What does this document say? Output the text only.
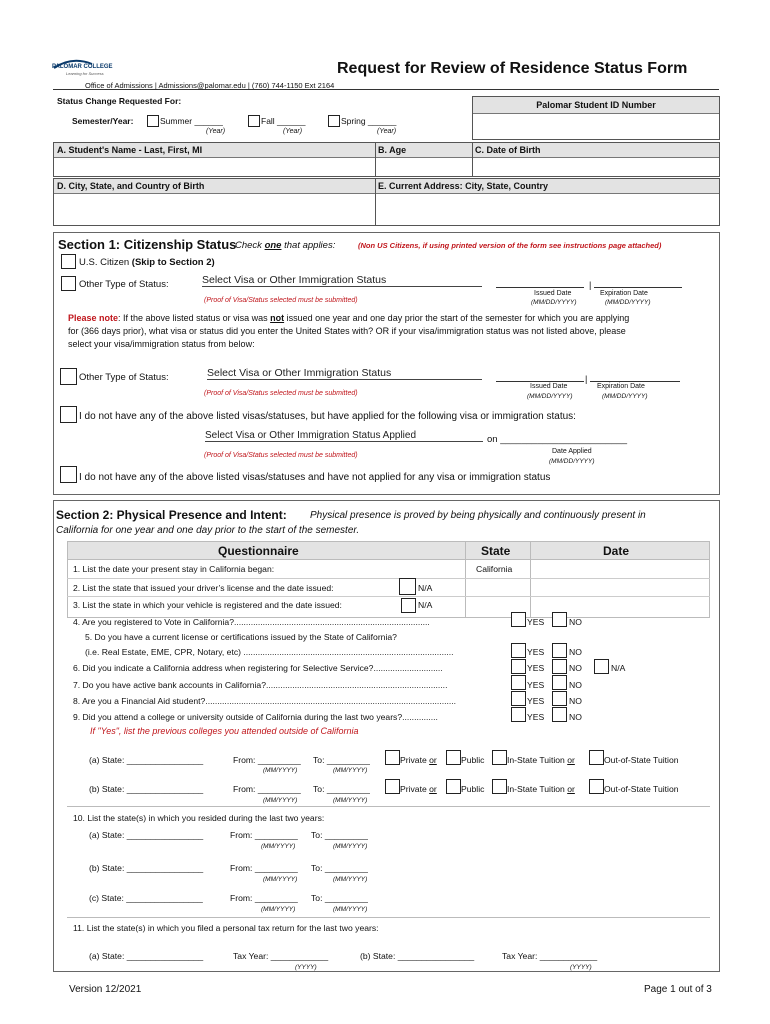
PALOMAR COLLEGE
Learning for Success	Request for Review of Residence Status Form
Office of Admissions | Admissions@palomar.edu | (760) 744-1150 Ext 2164
Status Change Requested For:
Semester/Year:	Summer ______	Fall ______	Spring ______
(Year)	(Year)	(Year)
Palomar Student ID Number
A. Student's Name - Last, First, MI	B. Age	C. Date of Birth
D. City, State, and Country of Birth	E. Current Address: City, State, Country
Section 1: Citizenship Status
Check one that applies:	(Non US Citizens, if using printed version of the form see instructions page attached)
U.S. Citizen (Skip to Section 2)
Other Type of Status:	Select Visa or Other Immigration Status
(Proof of Visa/Status selected must be submitted)
|
Issued Date	Expiration Date
(MM/DD/YYYY)	(MM/DD/YYYY)
Please note: If the above listed status or visa was not issued one year and one day prior the start of the semester for which you are applying
for (366 days prior), what visa or status did you enter the United States with? OR if your visa/immigration status was not listed above, please
select your visa/immigration status from below:
Other Type of Status:	Select Visa or Other Immigration Status
(Proof of Visa/Status selected must be submitted)
|
Issued Date	Expiration Date
(MM/DD/YYYY)	(MM/DD/YYYY)
I do not have any of the above listed visas/statuses, but have applied for the following visa or immigration status:
Select Visa or Other Immigration Status Applied	on ________________________
(Proof of Visa/Status selected must be submitted)
Date Applied
(MM/DD/YYYY)
I do not have any of the above listed visas/statuses and have not applied for any visa or immigration status
Section 2: Physical Presence and Intent: Physical presence is proved by being physically and continuously present in
California for one year and one day prior to the start of the semester.
Questionnaire	State	Date
1. List the date your present stay in California began:	California
2. List the state that issued your driver’s license and the date issued:	N/A
3. List the state in which your vehicle is registered and the date issued:	N/A
4. Are you registered to Vote in California?..................................................................................	YES	NO
5. Do you have a current license or certifications issued by the State of California?
(i.e. Real Estate, EME, CPR, Notary, etc) ........................................................................................	YES	NO
6. Did you indicate a California address when registering for Selective Service?.............................	YES	NO	N/A
7. Do you have active bank accounts in California?............................................................................	YES	NO
8. Are you a Financial Aid student?.........................................................................................................	YES	NO
9. Did you attend a college or university outside of California during the last two years?...............	YES	NO
If "Yes", list the previous colleges you attended outside of California
(a) State: ________________	From: _________ To: _________
(MM/YYYY)	(MM/YYYY)
Private or	Public	In-State Tuition or	Out-of-State Tuition
(b) State: ________________	From: _________ To: _________
(MM/YYYY)	(MM/YYYY)
Private or	Public	In-State Tuition or	Out-of-State Tuition
10. List the state(s) in which you resided during the last two years:
(a) State: ________________	From: _________ To: _________
(MM/YYYY)	(MM/YYYY)
(b) State: ________________	From: _________ To: _________
(MM/YYYY)	(MM/YYYY)
(c) State: ________________	From: _________ To: _________
(MM/YYYY)	(MM/YYYY)
11. List the state(s) in which you filed a personal tax return for the last two years:
(a) State: ________________	Tax Year: ____________
(YYYY)
(b) State: ________________	Tax Year: ____________
(YYYY)
Version 12/2021	Page 1 out of 3
